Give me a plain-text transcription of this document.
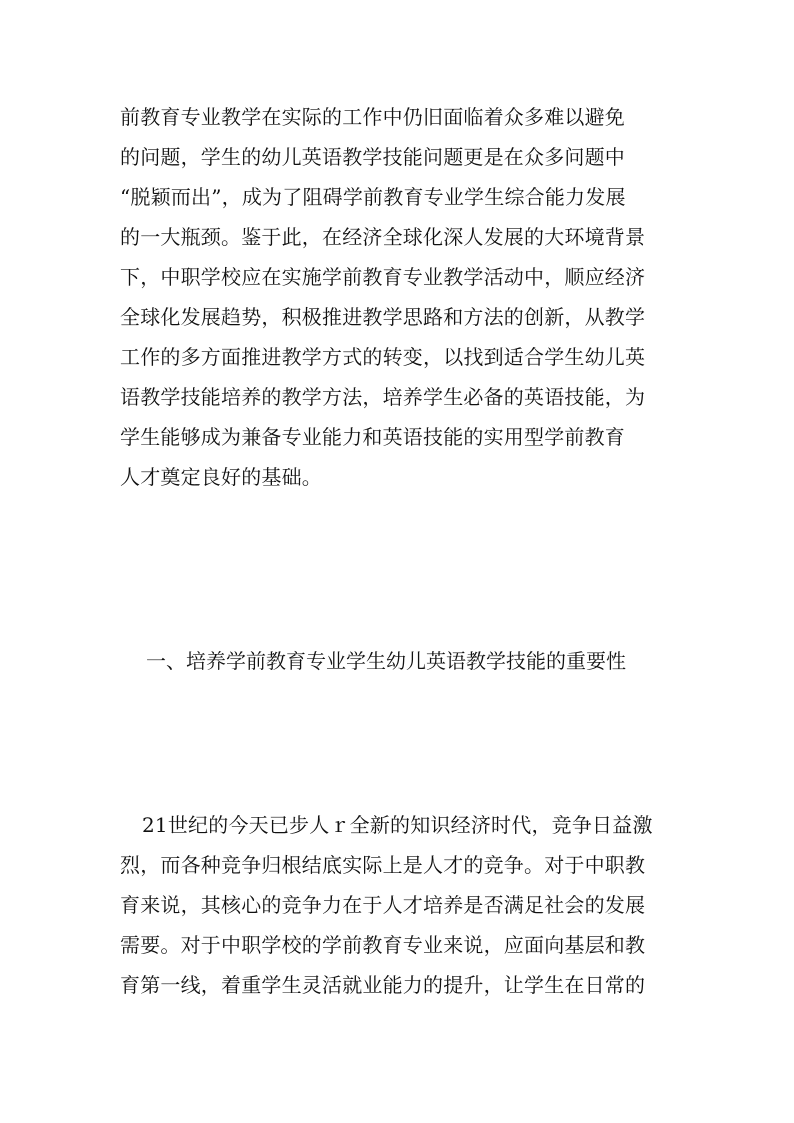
前教育专业教学在实际的工作中仍旧面临着众多难以避免
的问题，学生的幼儿英语教学技能问题更是在众多问题中
“脱颖而出”，成为了阻碍学前教育专业学生综合能力发展
的一大瓶颈。鉴于此，在经济全球化深人发展的大环境背景
下，中职学校应在实施学前教育专业教学活动中，顺应经济
全球化发展趋势，积极推进教学思路和方法的创新，从教学
工作的多方面推进教学方式的转变，以找到适合学生幼儿英
语教学技能培养的教学方法，培养学生必备的英语技能，为
学生能够成为兼备专业能力和英语技能的实用型学前教育
人才奠定良好的基础。
一、培养学前教育专业学生幼儿英语教学技能的重要性
21世纪的今天已步人ｒ全新的知识经济时代，竞争日益激
烈，而各种竞争归根结底实际上是人才的竞争。对于中职教
育来说，其核心的竞争力在于人才培养是否满足社会的发展
需要。对于中职学校的学前教育专业来说，应面向基层和教
育第一线，着重学生灵活就业能力的提升，让学生在日常的
